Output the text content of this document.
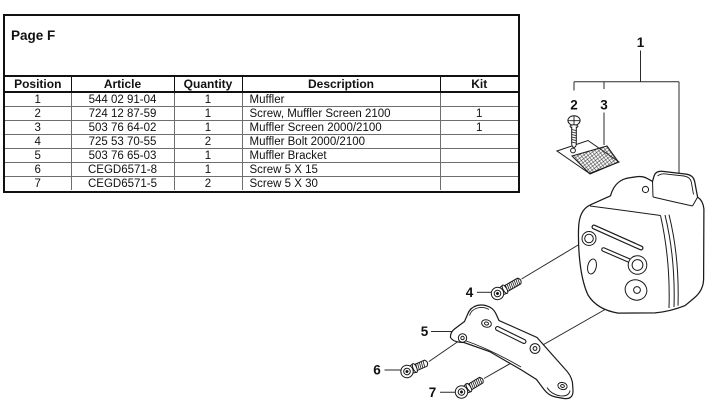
Page F
Position	Article	Quantity	Description	Kit
1	544 02 91-04	1	Muffler	
2	724 12 87-59	1	Screw, Muffler Screen 2100	1
3	503 76 64-02	1	Muffler Screen 2000/2100	1
4	725 53 70-55	2	Muffler Bolt 2000/2100	
5	503 76 65-03	1	Muffler Bracket	
6	CEGD6571-8	1	Screw 5 X 15	
7	CEGD6571-5	2	Screw 5 X 30	
1
2 3
4
5
6
7
